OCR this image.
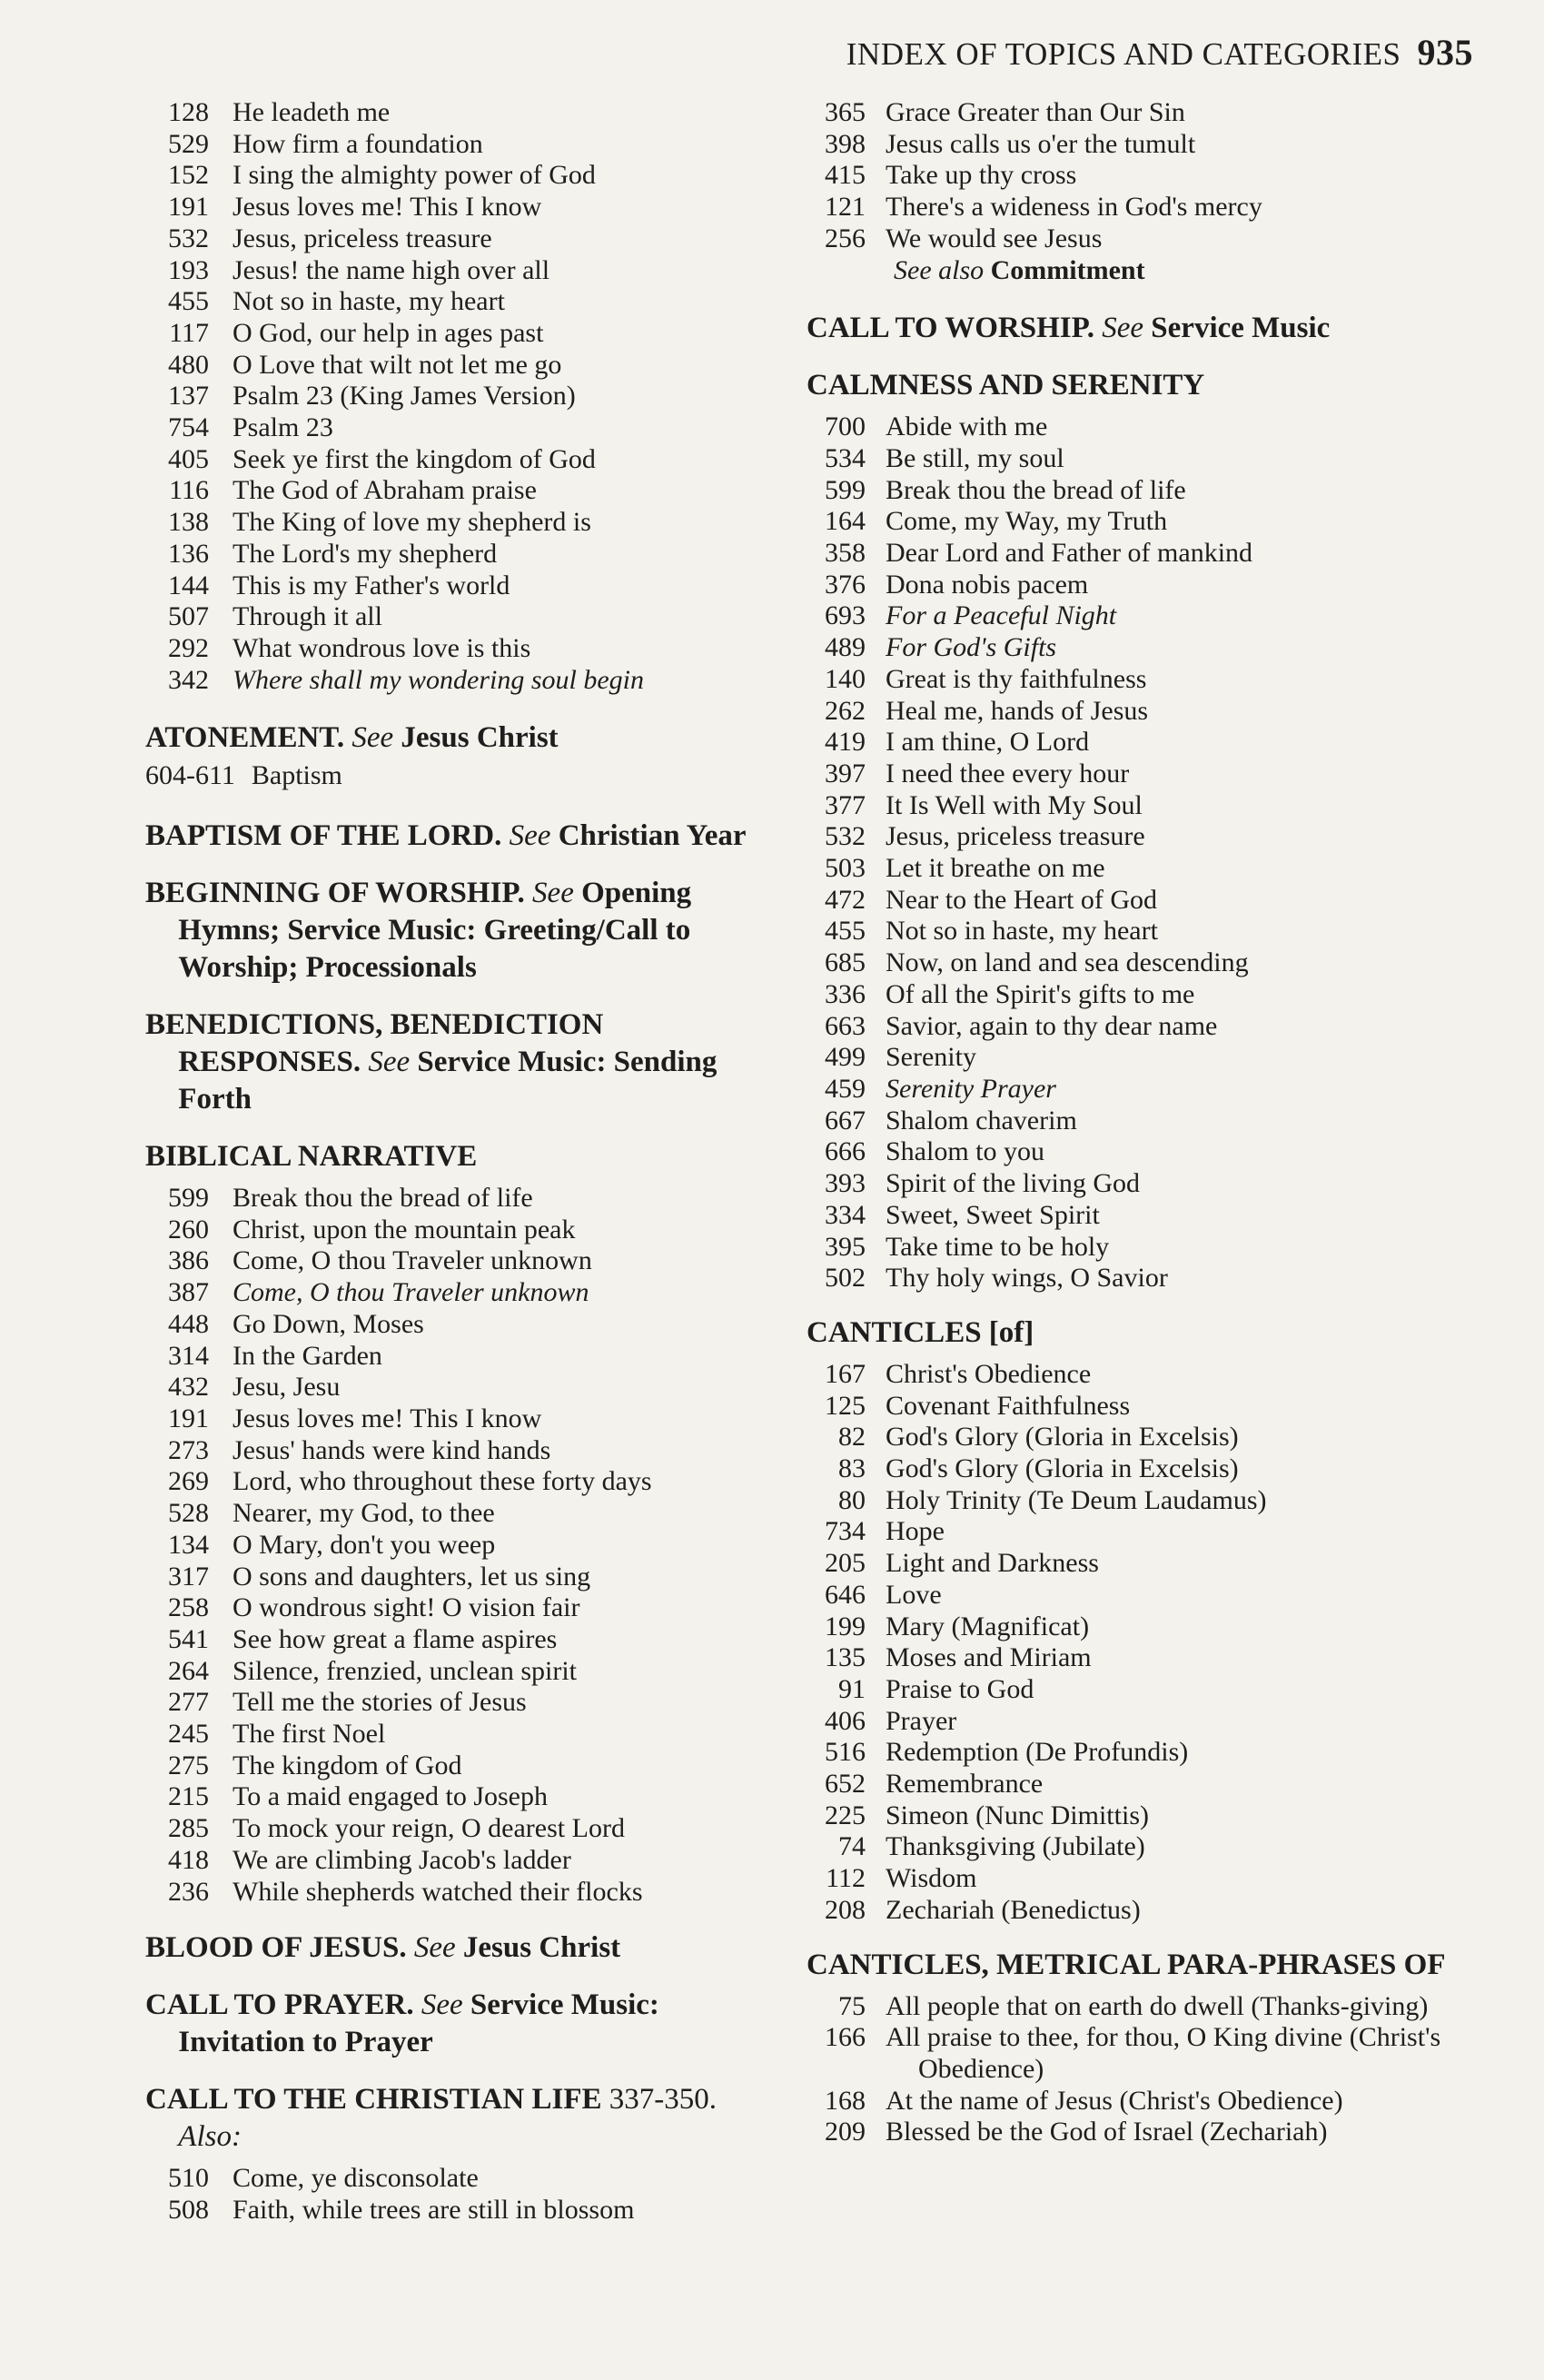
INDEX OF TOPICS AND CATEGORIES 935
128 He leadeth me
529 How firm a foundation
152 I sing the almighty power of God
191 Jesus loves me! This I know
532 Jesus, priceless treasure
193 Jesus! the name high over all
455 Not so in haste, my heart
117 O God, our help in ages past
480 O Love that wilt not let me go
137 Psalm 23 (King James Version)
754 Psalm 23
405 Seek ye first the kingdom of God
116 The God of Abraham praise
138 The King of love my shepherd is
136 The Lord's my shepherd
144 This is my Father's world
507 Through it all
292 What wondrous love is this
342 Where shall my wondering soul begin
ATONEMENT. See Jesus Christ
604-611 Baptism
BAPTISM OF THE LORD. See Christian Year
BEGINNING OF WORSHIP. See Opening Hymns; Service Music: Greeting/Call to Worship; Processionals
BENEDICTIONS, BENEDICTION RESPONSES. See Service Music: Sending Forth
BIBLICAL NARRATIVE
599 Break thou the bread of life
260 Christ, upon the mountain peak
386 Come, O thou Traveler unknown
387 Come, O thou Traveler unknown
448 Go Down, Moses
314 In the Garden
432 Jesu, Jesu
191 Jesus loves me! This I know
273 Jesus' hands were kind hands
269 Lord, who throughout these forty days
528 Nearer, my God, to thee
134 O Mary, don't you weep
317 O sons and daughters, let us sing
258 O wondrous sight! O vision fair
541 See how great a flame aspires
264 Silence, frenzied, unclean spirit
277 Tell me the stories of Jesus
245 The first Noel
275 The kingdom of God
215 To a maid engaged to Joseph
285 To mock your reign, O dearest Lord
418 We are climbing Jacob's ladder
236 While shepherds watched their flocks
BLOOD OF JESUS. See Jesus Christ
CALL TO PRAYER. See Service Music: Invitation to Prayer
CALL TO THE CHRISTIAN LIFE 337-350.
Also:
510 Come, ye disconsolate
508 Faith, while trees are still in blossom
365 Grace Greater than Our Sin
398 Jesus calls us o'er the tumult
415 Take up thy cross
121 There's a wideness in God's mercy
256 We would see Jesus
See also Commitment
CALL TO WORSHIP. See Service Music
CALMNESS AND SERENITY
700 Abide with me
534 Be still, my soul
599 Break thou the bread of life
164 Come, my Way, my Truth
358 Dear Lord and Father of mankind
376 Dona nobis pacem
693 For a Peaceful Night
489 For God's Gifts
140 Great is thy faithfulness
262 Heal me, hands of Jesus
419 I am thine, O Lord
397 I need thee every hour
377 It Is Well with My Soul
532 Jesus, priceless treasure
503 Let it breathe on me
472 Near to the Heart of God
455 Not so in haste, my heart
685 Now, on land and sea descending
336 Of all the Spirit's gifts to me
663 Savior, again to thy dear name
499 Serenity
459 Serenity Prayer
667 Shalom chaverim
666 Shalom to you
393 Spirit of the living God
334 Sweet, Sweet Spirit
395 Take time to be holy
502 Thy holy wings, O Savior
CANTICLES [of]
167 Christ's Obedience
125 Covenant Faithfulness
82 God's Glory (Gloria in Excelsis)
83 God's Glory (Gloria in Excelsis)
80 Holy Trinity (Te Deum Laudamus)
734 Hope
205 Light and Darkness
646 Love
199 Mary (Magnificat)
135 Moses and Miriam
91 Praise to God
406 Prayer
516 Redemption (De Profundis)
652 Remembrance
225 Simeon (Nunc Dimittis)
74 Thanksgiving (Jubilate)
112 Wisdom
208 Zechariah (Benedictus)
CANTICLES, METRICAL PARA-PHRASES OF
75 All people that on earth do dwell (Thanks-giving)
166 All praise to thee, for thou, O King divine (Christ's Obedience)
168 At the name of Jesus (Christ's Obedience)
209 Blessed be the God of Israel (Zechariah)
